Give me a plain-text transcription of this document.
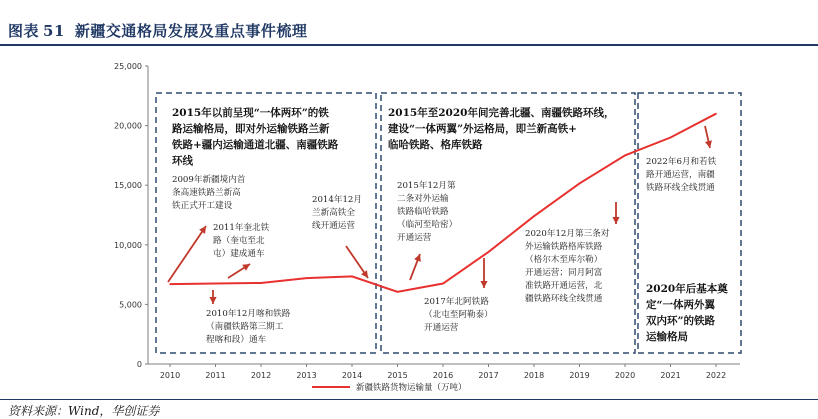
图表 51 新疆交通格局发展及重点事件梳理
0
5,000
10,000
15,000
20,000
25,000
2010	2011	2012	2013	2014	2015	2016	2017	2018	2019	2020	2021	2022
2015年以前呈现“一体两环”的铁
路运输格局，即对外运输铁路兰新
铁路+疆内运输通道北疆、南疆铁路
环线
2015年至2020年间完善北疆、南疆铁路环线，
建设“一体两翼”外运格局，即兰新高铁+
临哈铁路、格库铁路
2020年后基本奠
定“一体两外翼
双内环”的铁路
运输格局
2009年新疆境内首
条高速铁路兰新高
铁正式开工建设
2011年奎北铁
路（奎屯至北
屯）建成通车
2010年12月喀和铁路
（南疆铁路第三期工
程喀和段）通车
2014年12月
兰新高铁全
线开通运营
2015年12月第
二条对外运输
铁路临哈铁路
（临河至哈密）
开通运营
2017年北阿铁路
（北屯至阿勒泰）
开通运营
2020年12月第三条对
外运输铁路格库铁路
（格尔木至库尔勒）
开通运营；同月阿富
准铁路开通运营，北
疆铁路环线全线贯通
2022年6月和若铁
路开通运营，南疆
铁路环线全线贯通
新疆铁路货物运输量（万吨）
资料来源：Wind，华创证券
